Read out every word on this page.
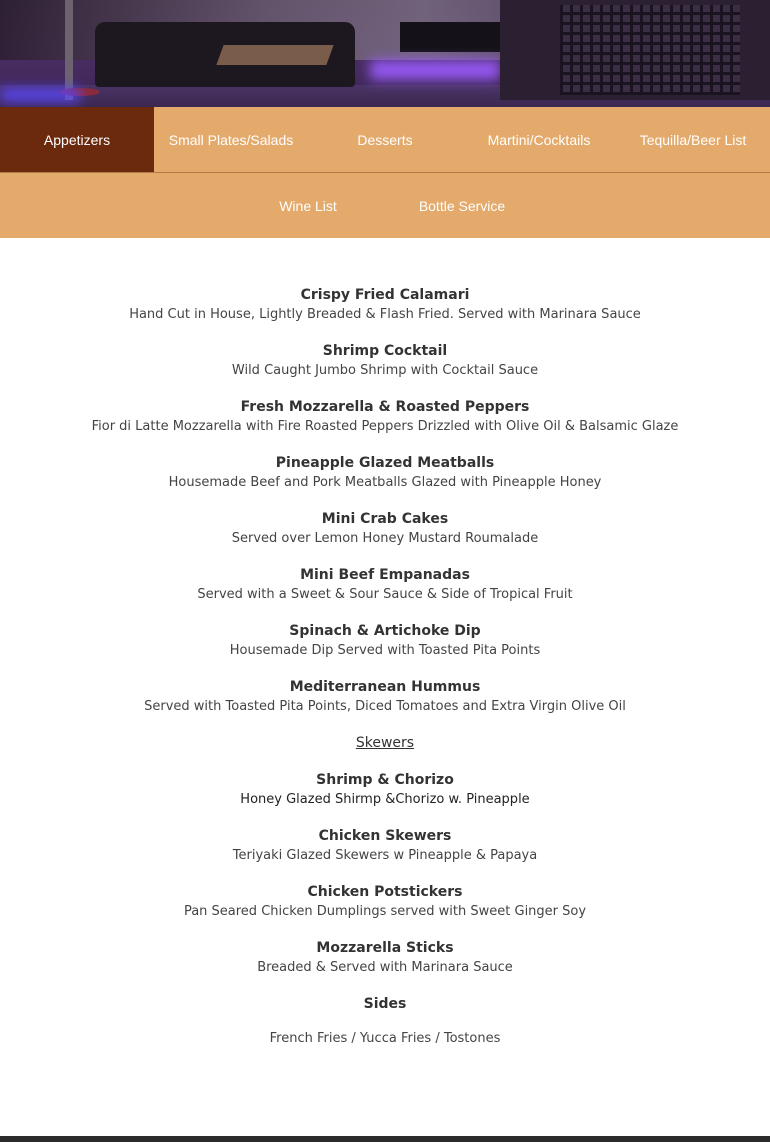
Appetizers	Small Plates/Salads	Desserts	Martini/Cocktails	Tequilla/Beer List
Wine List	Bottle Service
Crispy Fried Calamari
Hand Cut in House, Lightly Breaded & Flash Fried. Served with Marinara Sauce
Shrimp Cocktail
Wild Caught Jumbo Shrimp with Cocktail Sauce
Fresh Mozzarella & Roasted Peppers
Fior di Latte Mozzarella with Fire Roasted Peppers Drizzled with Olive Oil & Balsamic Glaze
Pineapple Glazed Meatballs
Housemade Beef and Pork Meatballs Glazed with Pineapple Honey
Mini Crab Cakes
Served over Lemon Honey Mustard Roumalade
Mini Beef Empanadas
Served with a Sweet & Sour Sauce & Side of Tropical Fruit
Spinach & Artichoke Dip
Housemade Dip Served with Toasted Pita Points
Mediterranean Hummus
Served with Toasted Pita Points, Diced Tomatoes and Extra Virgin Olive Oil
Skewers
Shrimp & Chorizo
Honey Glazed Shirmp &Chorizo w. Pineapple
Chicken Skewers
Teriyaki Glazed Skewers w Pineapple & Papaya
Chicken Potstickers
Pan Seared Chicken Dumplings served with Sweet Ginger Soy
Mozzarella Sticks
Breaded & Served with Marinara Sauce
Sides
French Fries / Yucca Fries / Tostones
